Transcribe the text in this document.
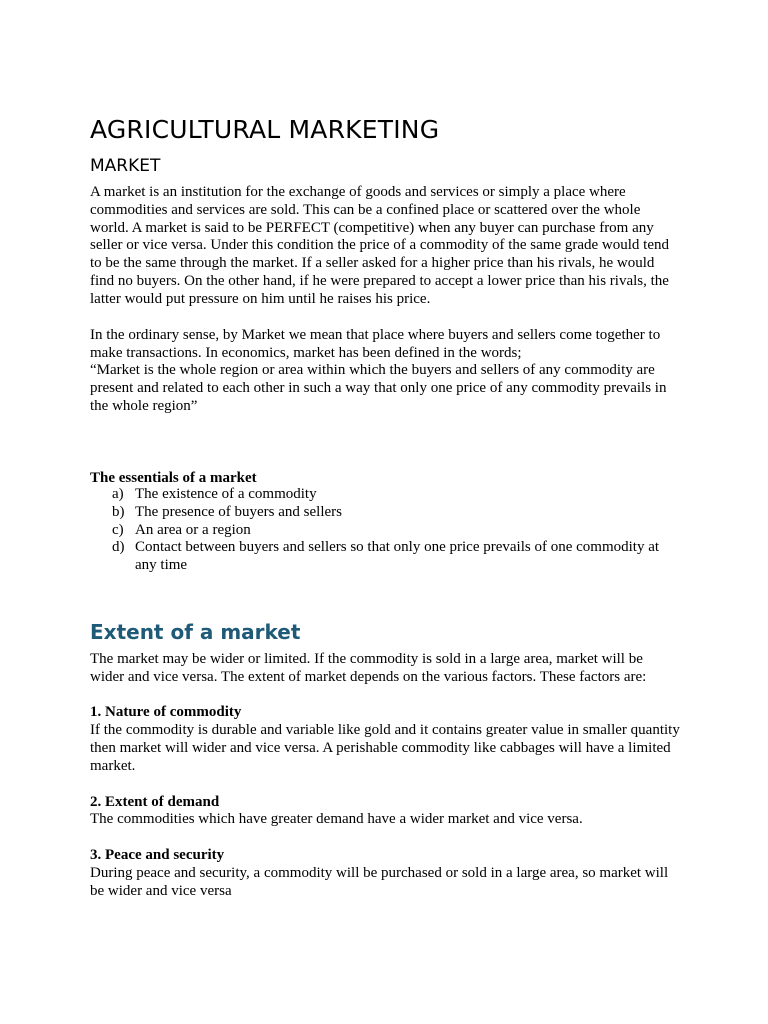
AGRICULTURAL MARKETING
MARKET

A market is an institution for the exchange of goods and services or simply a place where commodities and services are sold. This can be a confined place or scattered over the whole world. A market is said to be PERFECT (competitive) when any buyer can purchase from any seller or vice versa. Under this condition the price of a commodity of the same grade would tend to be the same through the market. If a seller asked for a higher price than his rivals, he would find no buyers. On the other hand, if he were prepared to accept a lower price than his rivals, the latter would put pressure on him until he raises his price.

In the ordinary sense, by Market we mean that place where buyers and sellers come together to make transactions. In economics, market has been defined in the words;

“Market is the whole region or area within which the buyers and sellers of any commodity are present and related to each other in such a way that only one price of any commodity prevails in the whole region”

The essentials of a market

a) The existence of a commodity
b) The presence of buyers and sellers
c) An area or a region
d) Contact between buyers and sellers so that only one price prevails of one commodity at any time
Extent of a market

The market may be wider or limited. If the commodity is sold in a large area, market will be wider and vice versa. The extent of market depends on the various factors. These factors are:

1. Nature of commodity

If the commodity is durable and variable like gold and it contains greater value in smaller quantity then market will wider and vice versa. A perishable commodity like cabbages will have a limited market.

2. Extent of demand

The commodities which have greater demand have a wider market and vice versa.

3. Peace and security

During peace and security, a commodity will be purchased or sold in a large area, so market will be wider and vice versa
